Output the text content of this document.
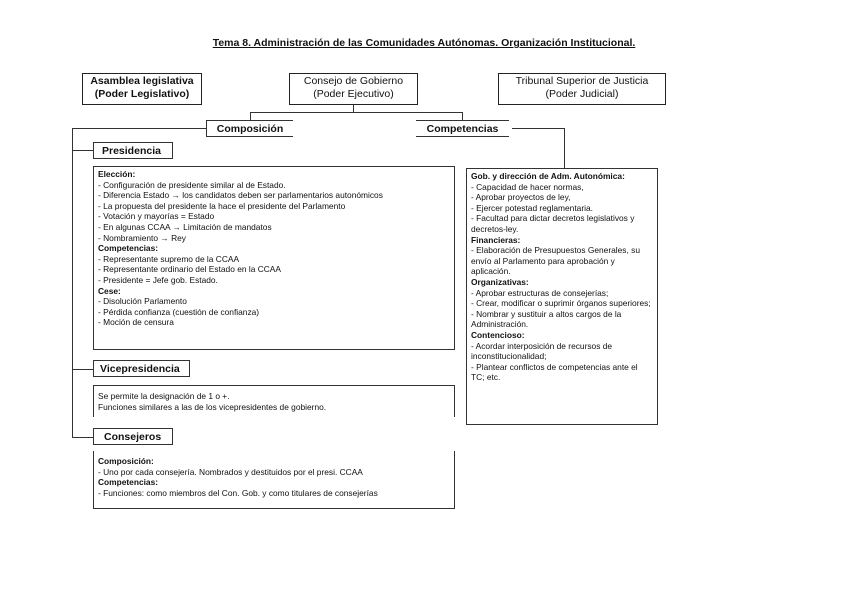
Tema 8. Administración de las Comunidades Autónomas. Organización Institucional.
Asamblea legislativa
(Poder Legislativo)
Consejo de Gobierno
(Poder Ejecutivo)
Tribunal Superior de Justicia
(Poder Judicial)
Composición	Competencias
Presidencia
Elección:
- Configuración de presidente similar al de Estado.
- Diferencia Estado → los candidatos deben ser parlamentarios autonómicos
- La propuesta del presidente la hace el presidente del Parlamento
- Votación y mayorías = Estado
- En algunas CCAA → Limitación de mandatos
- Nombramiento → Rey
Competencias:
- Representante supremo de la CCAA
- Representante ordinario del Estado en la CCAA
- Presidente = Jefe gob. Estado.
Cese:
- Disolución Parlamento
- Pérdida confianza (cuestión de confianza)
- Moción de censura
Vicepresidencia
Se permite la designación de 1 o +.
Funciones similares a las de los vicepresidentes de gobierno.
Consejeros
Composición:
- Uno por cada consejería. Nombrados y destituidos por el presi. CCAA
Competencias:
- Funciones: como miembros del Con. Gob. y como titulares de consejerías
Gob. y dirección de Adm. Autonómica:
- Capacidad de hacer normas,
- Aprobar proyectos de ley,
- Ejercer potestad reglamentaria.
- Facultad para dictar decretos legislativos y decretos-ley.
Financieras:
- Elaboración de Presupuestos Generales, su envío al Parlamento para aprobación y aplicación.
Organizativas:
- Aprobar estructuras de consejerías;
- Crear, modificar o suprimir órganos superiores;
- Nombrar y sustituir a altos cargos de la Administración.
Contencioso:
- Acordar interposición de recursos de inconstitucionalidad;
- Plantear conflictos de competencias ante el TC; etc.
